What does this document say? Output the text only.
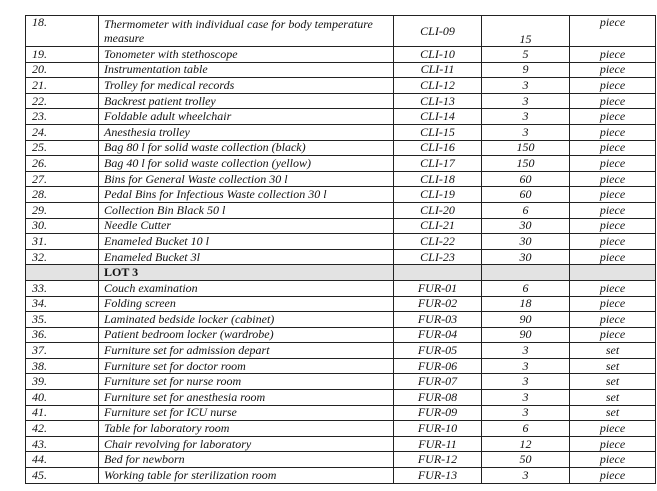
18.	Thermometer with individual case for body temperature measure	CLI-09	15	piece
19.	Tonometer with stethoscope	CLI-10	5	piece
20.	Instrumentation table	CLI-11	9	piece
21.	Trolley for medical records	CLI-12	3	piece
22.	Backrest patient trolley	CLI-13	3	piece
23.	Foldable adult wheelchair	CLI-14	3	piece
24.	Anesthesia trolley	CLI-15	3	piece
25.	Bag 80 l for solid waste collection (black)	CLI-16	150	piece
26.	Bag 40 l for solid waste collection (yellow)	CLI-17	150	piece
27.	Bins for General Waste collection 30 l	CLI-18	60	piece
28.	Pedal Bins for Infectious Waste collection 30 l	CLI-19	60	piece
29.	Collection Bin Black 50 l	CLI-20	6	piece
30.	Needle Cutter	CLI-21	30	piece
31.	Enameled Bucket 10 l	CLI-22	30	piece
32.	Enameled Bucket 3l	CLI-23	30	piece
	LOT 3			
33.	Couch examination	FUR-01	6	piece
34.	Folding screen	FUR-02	18	piece
35.	Laminated bedside locker (cabinet)	FUR-03	90	piece
36.	Patient bedroom locker (wardrobe)	FUR-04	90	piece
37.	Furniture set for admission depart	FUR-05	3	set
38.	Furniture set for doctor room	FUR-06	3	set
39.	Furniture set for nurse room	FUR-07	3	set
40.	Furniture set for anesthesia room	FUR-08	3	set
41.	Furniture set for ICU nurse	FUR-09	3	set
42.	Table for laboratory room	FUR-10	6	piece
43.	Chair revolving for laboratory	FUR-11	12	piece
44.	Bed for newborn	FUR-12	50	piece
45.	Working table for sterilization room	FUR-13	3	piece
